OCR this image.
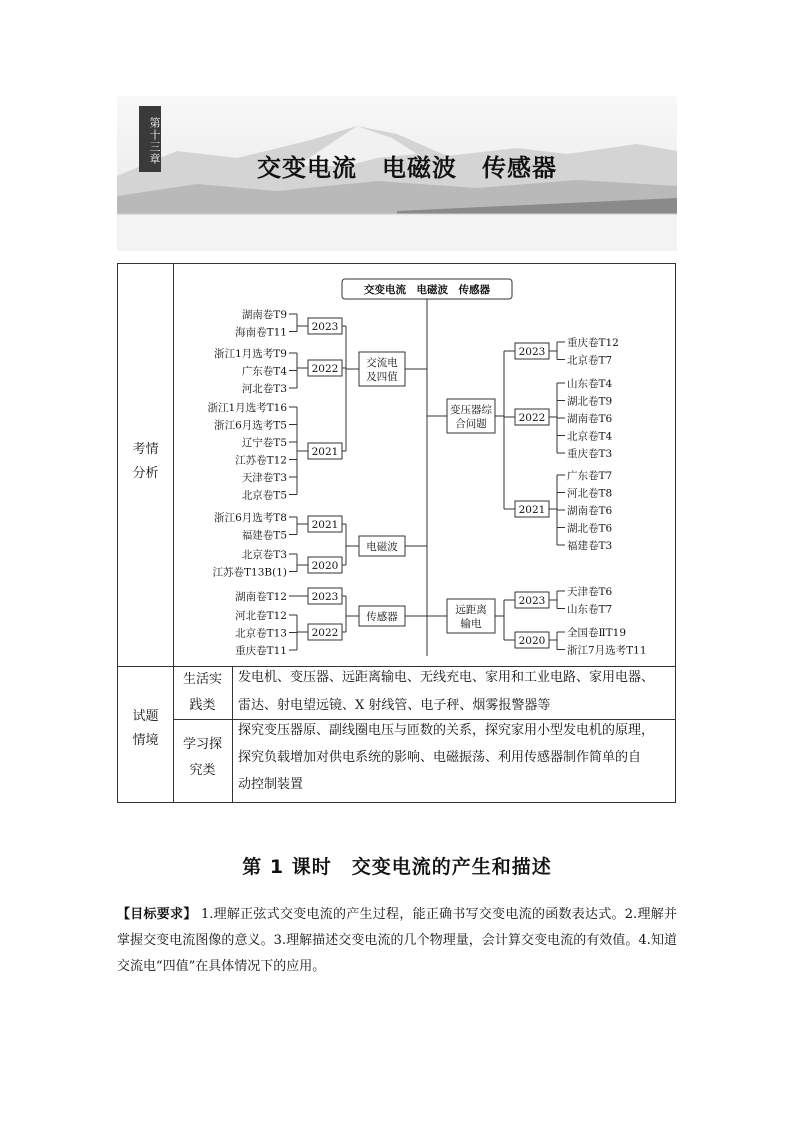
第十三章
交变电流　电磁波　传感器
考情
分析
试题
情境
生活实
践类
学习探
究类
发电机、变压器、远距离输电、无线充电、家用和工业电路、家用电器、
雷达、射电望远镜、X 射线管、电子秤、烟雾报警器等
探究变压器原、副线圈电压与匝数的关系，探究家用小型发电机的原理，
探究负载增加对供电系统的影响、电磁振荡、利用传感器制作简单的自
动控制装置
交变电流　电磁波　传感器
交流电
及四值
2023
湖南卷T9
海南卷T11
2022
浙江1月选考T9
广东卷T4
河北卷T3
2021
浙江1月选考T16
浙江6月选考T5
辽宁卷T5
江苏卷T12
天津卷T3
北京卷T5
电磁波
2021
浙江6月选考T8
福建卷T5
2020
北京卷T3
江苏卷T13B(1)
传感器
2023
湖南卷T12
2022
河北卷T12
北京卷T13
重庆卷T11
变压器综
合问题
2023
重庆卷T12
北京卷T7
2022
山东卷T4
湖北卷T9
湖南卷T6
北京卷T4
重庆卷T3
2021
广东卷T7
河北卷T8
湖南卷T6
湖北卷T6
福建卷T3
远距离
输电
2023
天津卷T6
山东卷T7
2020
全国卷ⅡT19
浙江7月选考T11
第 1 课时　交变电流的产生和描述
【目标要求】 1.理解正弦式交变电流的产生过程，能正确书写交变电流的函数表达式。2.理解并掌握交变电流图像的意义。3.理解描述交变电流的几个物理量，会计算交变电流的有效值。4.知道交流电“四值”在具体情况下的应用。
